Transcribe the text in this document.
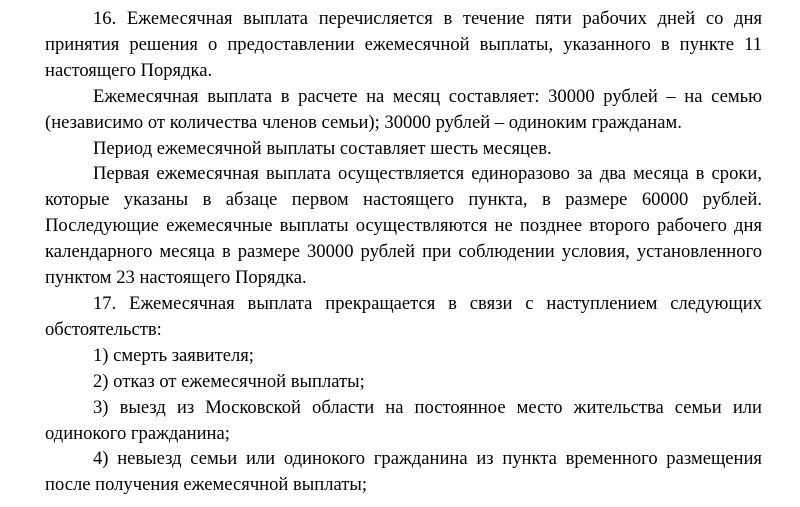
16. Ежемесячная выплата перечисляется в течение пяти рабочих дней со дня принятия решения о предоставлении ежемесячной выплаты, указанного в пункте 11 настоящего Порядка.

Ежемесячная выплата в расчете на месяц составляет: 30000 рублей – на семью (независимо от количества членов семьи); 30000 рублей – одиноким гражданам.

Период ежемесячной выплаты составляет шесть месяцев.

Первая ежемесячная выплата осуществляется единоразово за два месяца в сроки, которые указаны в абзаце первом настоящего пункта, в размере 60000 рублей. Последующие ежемесячные выплаты осуществляются не позднее второго рабочего дня календарного месяца в размере 30000 рублей при соблюдении условия, установленного пунктом 23 настоящего Порядка.

17. Ежемесячная выплата прекращается в связи с наступлением следующих обстоятельств:

1) смерть заявителя;

2) отказ от ежемесячной выплаты;

3) выезд из Московской области на постоянное место жительства семьи или одинокого гражданина;

4) невыезд семьи или одинокого гражданина из пункта временного размещения после получения ежемесячной выплаты;
